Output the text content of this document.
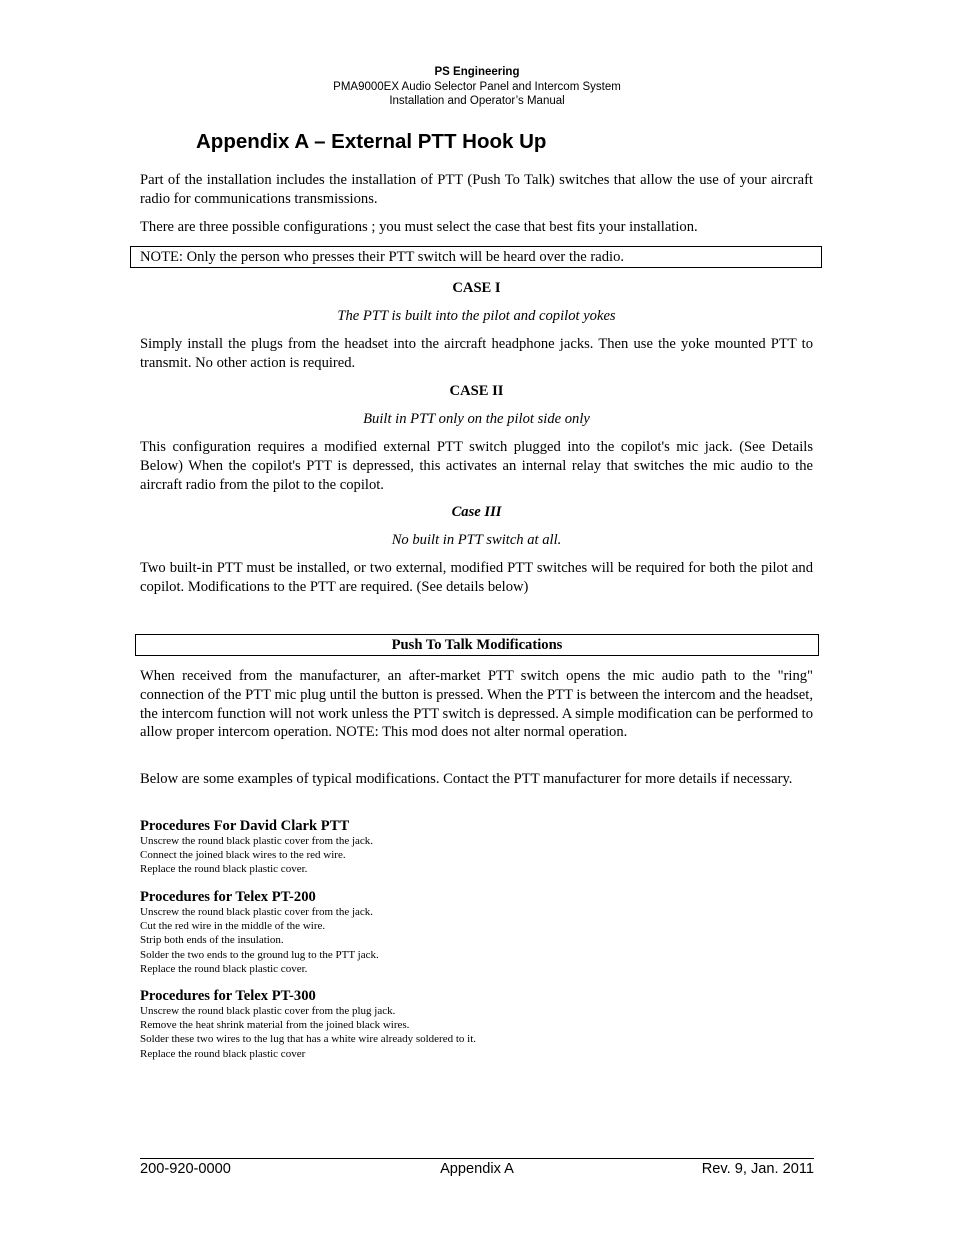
PS Engineering
PMA9000EX Audio Selector Panel and Intercom System
Installation and Operator’s Manual
Appendix A – External PTT Hook Up

Part of the installation includes the installation of PTT (Push To Talk) switches that allow the use of your aircraft radio for communications transmissions.

There are three possible configurations ; you must select the case that best fits your installation.

NOTE: Only the person who presses their PTT switch will be heard over the radio.

CASE I

The PTT is built into the pilot and copilot yokes

Simply install the plugs from the headset into the aircraft headphone jacks. Then use the yoke mounted PTT to transmit. No other action is required.

CASE II

Built in PTT only on the pilot side only

This configuration requires a modified external PTT switch plugged into the copilot's mic jack. (See Details Below) When the copilot's PTT is depressed, this activates an internal relay that switches the mic audio to the aircraft radio from the pilot to the copilot.

Case III

No built in PTT switch at all.

Two built-in PTT must be installed, or two external, modified PTT switches will be required for both the pilot and copilot. Modifications to the PTT are required. (See details below)

Push To Talk Modifications

When received from the manufacturer, an after-market PTT switch opens the mic audio path to the "ring" connection of the PTT mic plug until the button is pressed. When the PTT is between the intercom and the headset, the intercom function will not work unless the PTT switch is depressed. A simple modification can be performed to allow proper intercom operation. NOTE: This mod does not alter normal operation.

Below are some examples of typical modifications. Contact the PTT manufacturer for more details if necessary.

Procedures For David Clark PTT
Unscrew the round black plastic cover from the jack.
Connect the joined black wires to the red wire.
Replace the round black plastic cover.
Procedures for Telex PT-200
Unscrew the round black plastic cover from the jack.
Cut the red wire in the middle of the wire.
Strip both ends of the insulation.
Solder the two ends to the ground lug to the PTT jack.
Replace the round black plastic cover.
Procedures for Telex PT-300
Unscrew the round black plastic cover from the plug jack.
Remove the heat shrink material from the joined black wires.
Solder these two wires to the lug that has a white wire already soldered to it.
Replace the round black plastic cover
200-920-0000	Appendix A	Rev. 9, Jan. 2011
